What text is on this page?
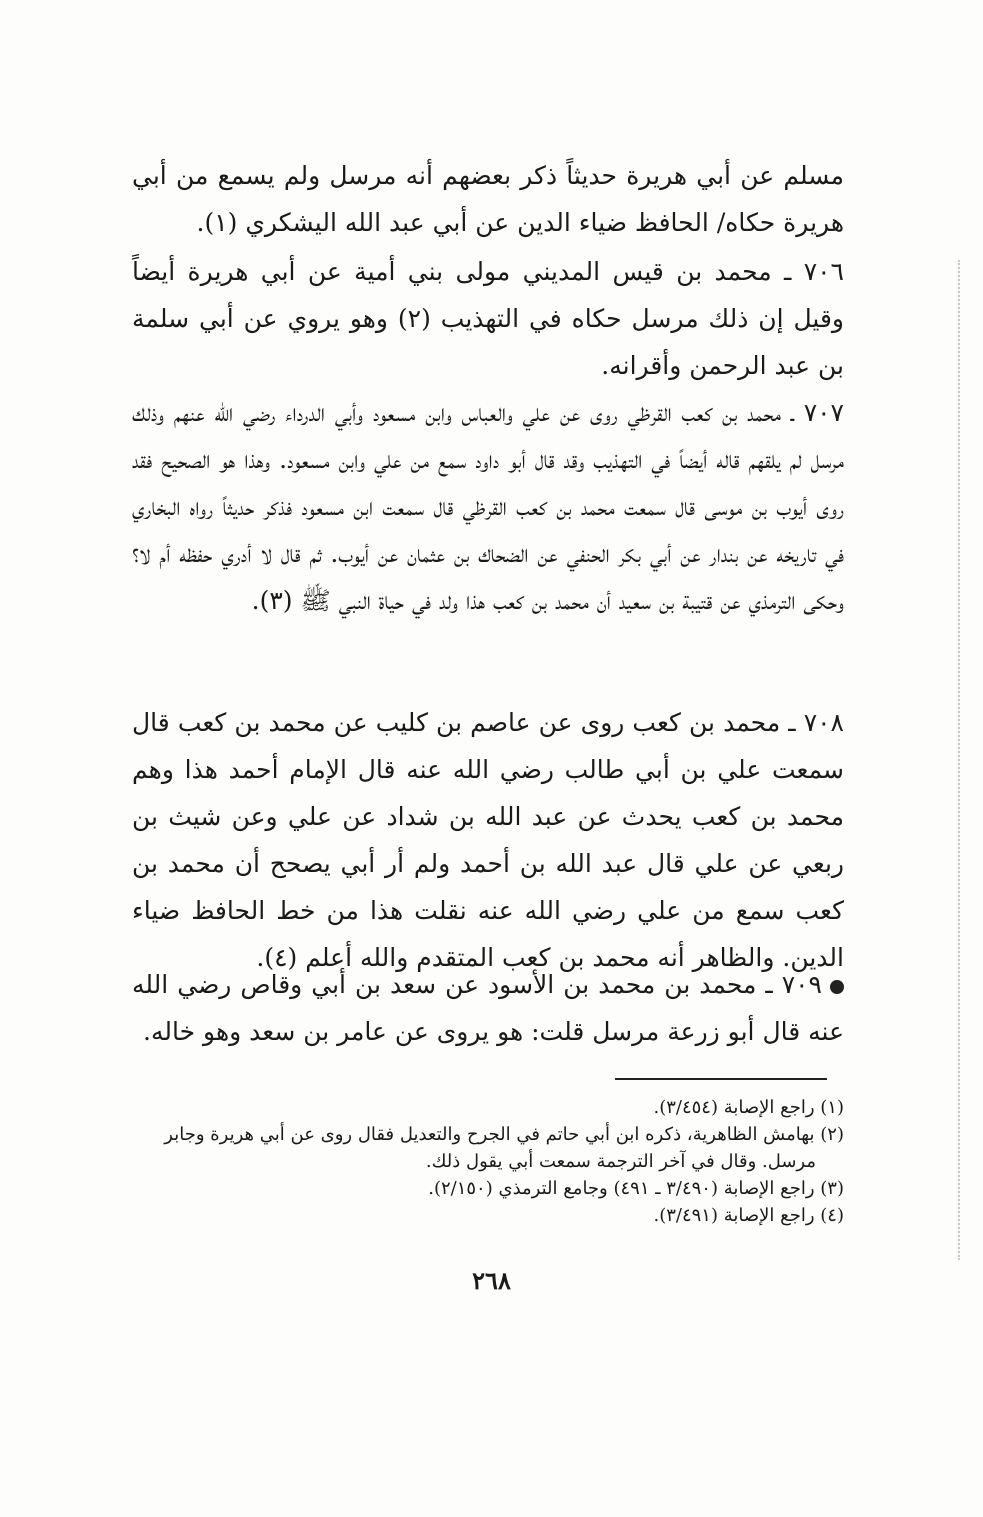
مسلم عن أبي هريرة حديثاً ذكر بعضهم أنه مرسل ولم يسمع من أبي هريرة حكاه/ الحافظ ضياء الدين عن أبي عبد الله اليشكري (١).

٧٠٦ ـ محمد بن قيس المديني مولى بني أمية عن أبي هريرة أيضاً وقيل إن ذلك مرسل حكاه في التهذيب (٢) وهو يروي عن أبي سلمة بن عبد الرحمن وأقرانه.

٧٠٧ ـ محمد بن كعب القرظي روى عن علي والعباس وابن مسعود وأبي الدرداء رضي الله عنهم وذلك مرسل لم يلقهم قاله أيضاً في التهذيب وقد قال أبو داود سمع من علي وابن مسعود. وهذا هو الصحيح فقد روى أيوب بن موسى قال سمعت محمد بن كعب القرظي قال سمعت ابن مسعود فذكر حديثاً رواه البخاري في تاريخه عن بندار عن أبي بكر الحنفي عن الضحاك بن عثمان عن أيوب. ثم قال لا أدري حفظه أم لا؟ وحكى الترمذي عن قتيبة بن سعيد أن محمد بن كعب هذا ولد في حياة النبي ﷺ (٣).

٧٠٨ ـ محمد بن كعب روى عن عاصم بن كليب عن محمد بن كعب قال سمعت علي بن أبي طالب رضي الله عنه قال الإمام أحمد هذا وهم محمد بن كعب يحدث عن عبد الله بن شداد عن علي وعن شيث بن ربعي عن علي قال عبد الله بن أحمد ولم أر أبي يصحح أن محمد بن كعب سمع من علي رضي الله عنه نقلت هذا من خط الحافظ ضياء الدين. والظاهر أنه محمد بن كعب المتقدم والله أعلم (٤).

٧٠٩ ـ محمد بن محمد بن الأسود عن سعد بن أبي وقاص رضي الله عنه قال أبو زرعة مرسل قلت: هو يروى عن عامر بن سعد وهو خاله.

(١) راجع الإصابة (٣/٤٥٤).

(٢) بهامش الظاهرية، ذكره ابن أبي حاتم في الجرح والتعديل فقال روى عن أبي هريرة وجابر

مرسل. وقال في آخر الترجمة سمعت أبي يقول ذلك.

(٣) راجع الإصابة (٣/٤٩٠ ـ ٤٩١) وجامع الترمذي (٢/١٥٠).

(٤) راجع الإصابة (٣/٤٩١).

٢٦٨
